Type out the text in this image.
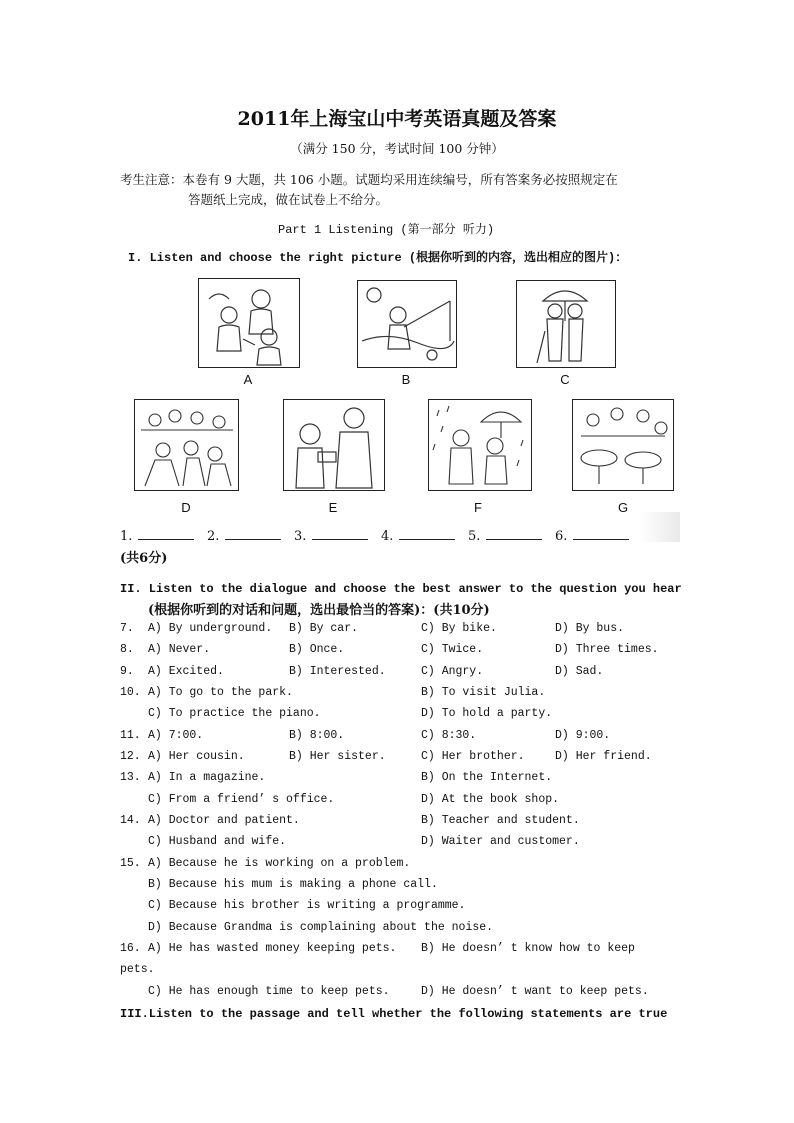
2011年上海宝山中考英语真题及答案
（满分 150 分，考试时间 100 分钟）
考生注意：本卷有 9 大题，共 106 小题。试题均采用连续编号，所有答案务必按照规定在
答题纸上完成，做在试卷上不给分。
Part 1 Listening (第一部分 听力)
I. Listen and choose the right picture (根据你听到的内容，选出相应的图片)：
A	B	C
D	E	F	G
1.	2.	3.	4.	5.	6.
(共6分)
II. Listen to the dialogue and choose the best answer to the question you hear
(根据你听到的对话和问题，选出最恰当的答案)：(共10分)
7. A) By underground. B) By car.	C) By bike.	D) By bus.
8. A) Never.	B) Once.	C) Twice.	D) Three times.
9. A) Excited.	B) Interested.	C) Angry.	D) Sad.
10. A) To go to the park.	B) To visit Julia.
C) To practice the piano.	D) To hold a party.
11. A) 7:00.	B) 8:00.	C) 8:30.	D) 9:00.
12. A) Her cousin.	B) Her sister.	C) Her brother.	D) Her friend.
13. A) In a magazine.	B) On the Internet.
C) From a friend’ s office.	D) At the book shop.
14. A) Doctor and patient.	B) Teacher and student.
C) Husband and wife.	D) Waiter and customer.
15. A) Because he is working on a problem.
B) Because his mum is making a phone call.
C) Because his brother is writing a programme.
D) Because Grandma is complaining about the noise.
16. A) He has wasted money keeping pets. B) He doesn’ t know how to keep
pets.
C) He has enough time to keep pets.	D) He doesn’ t want to keep pets.
III.Listen to the passage and tell whether the following statements are true
